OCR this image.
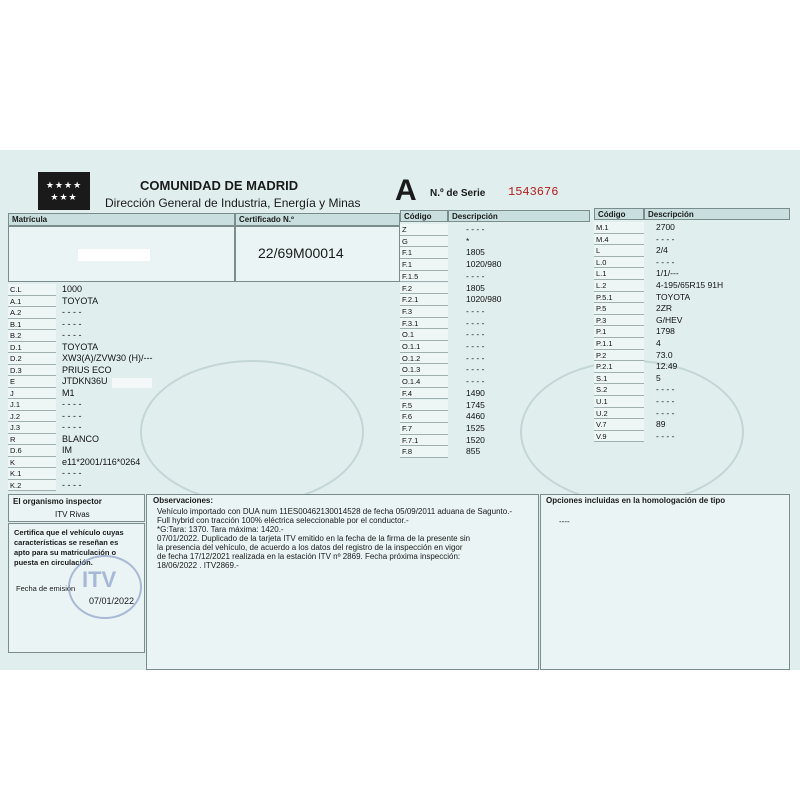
★★★★ ★★★
COMUNIDAD DE MADRID
Dirección General de Industria, Energía y Minas A N.º de Serie 1543676
Matrícula	Certificado N.º
22/69M00014
C.L	1000
A.1	TOYOTA
A.2	- - - -
B.1	- - - -
B.2	- - - -
D.1	TOYOTA
D.2	XW3(A)/ZVW30 (H)/---
D.3	PRIUS ECO
E	JTDKN36U
J	M1
J.1	- - - -
J.2	- - - -
J.3	- - - -
R	BLANCO
D.6	IM
K	e11*2001/116*0264
K.1	- - - -
K.2	- - - -
Código	Descripción
Z	- - - -
G	*
F.1	1805
F.1	1020/980
F.1.5	- - - -
F.2	1805
F.2.1	1020/980
F.3	- - - -
F.3.1	- - - -
O.1	- - - -
O.1.1	- - - -
O.1.2	- - - -
O.1.3	- - - -
O.1.4	- - - -
F.4	1490
F.5	1745
F.6	4460
F.7	1525
F.7.1	1520
F.8	855
Código	Descripción
M.1	2700
M.4	- - - -
L	2/4
L.0	- - - -
L.1	1/1/---
L.2	4-195/65R15 91H
P.5.1	TOYOTA
P.5	2ZR
P.3	G/HEV
P.1	1798
P.1.1	4
P.2	73.0
P.2.1	12.49
S.1	5
S.2	- - - -
U.1	- - - -
U.2	- - - -
V.7	89
V.9	- - - -
El organismo inspector
ITV Rivas
Certifica que el vehículo cuyas características se reseñan es apto para su matriculación o puesta en circulación.
Fecha de emisión
07/01/2022
ITV
Observaciones:
Vehículo importado con DUA num 11ES00462130014528 de fecha 05/09/2011 aduana de Sagunto.-
Full hybrid con tracción 100% eléctrica seleccionable por el conductor.-
*G:Tara: 1370. Tara máxima: 1420.-
07/01/2022. Duplicado de la tarjeta ITV emitido en la fecha de la firma de la presente sin
la presencia del vehículo, de acuerdo a los datos del registro de la inspección en vigor
de fecha 17/12/2021 realizada en la estación ITV nº 2869. Fecha próxima inspección:
18/06/2022 . ITV2869.-
Opciones incluidas en la homologación de tipo
----
